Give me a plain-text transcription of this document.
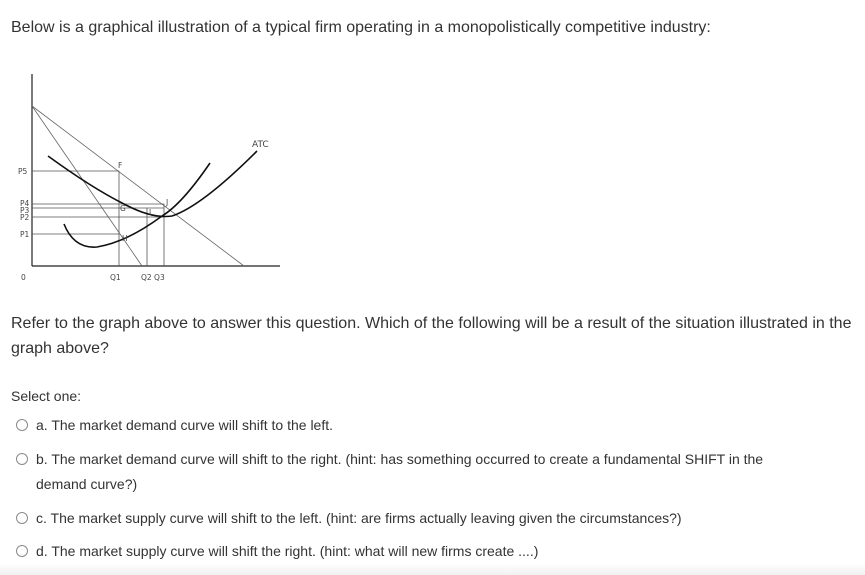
Below is a graphical illustration of a typical firm operating in a monopolistically competitive industry:
P5
P4
P3
P2
P1
0	Q1	Q2 Q3
F
G
H
I
J
ATC
Refer to the graph above to answer this question. Which of the following will be a result of the situation illustrated in the graph above?
Select one:
a. The market demand curve will shift to the left.
b. The market demand curve will shift to the right. (hint: has something occurred to create a fundamental SHIFT in the
demand curve?)
c. The market supply curve will shift to the left. (hint: are firms actually leaving given the circumstances?)
d. The market supply curve will shift the right. (hint: what will new firms create ....)
